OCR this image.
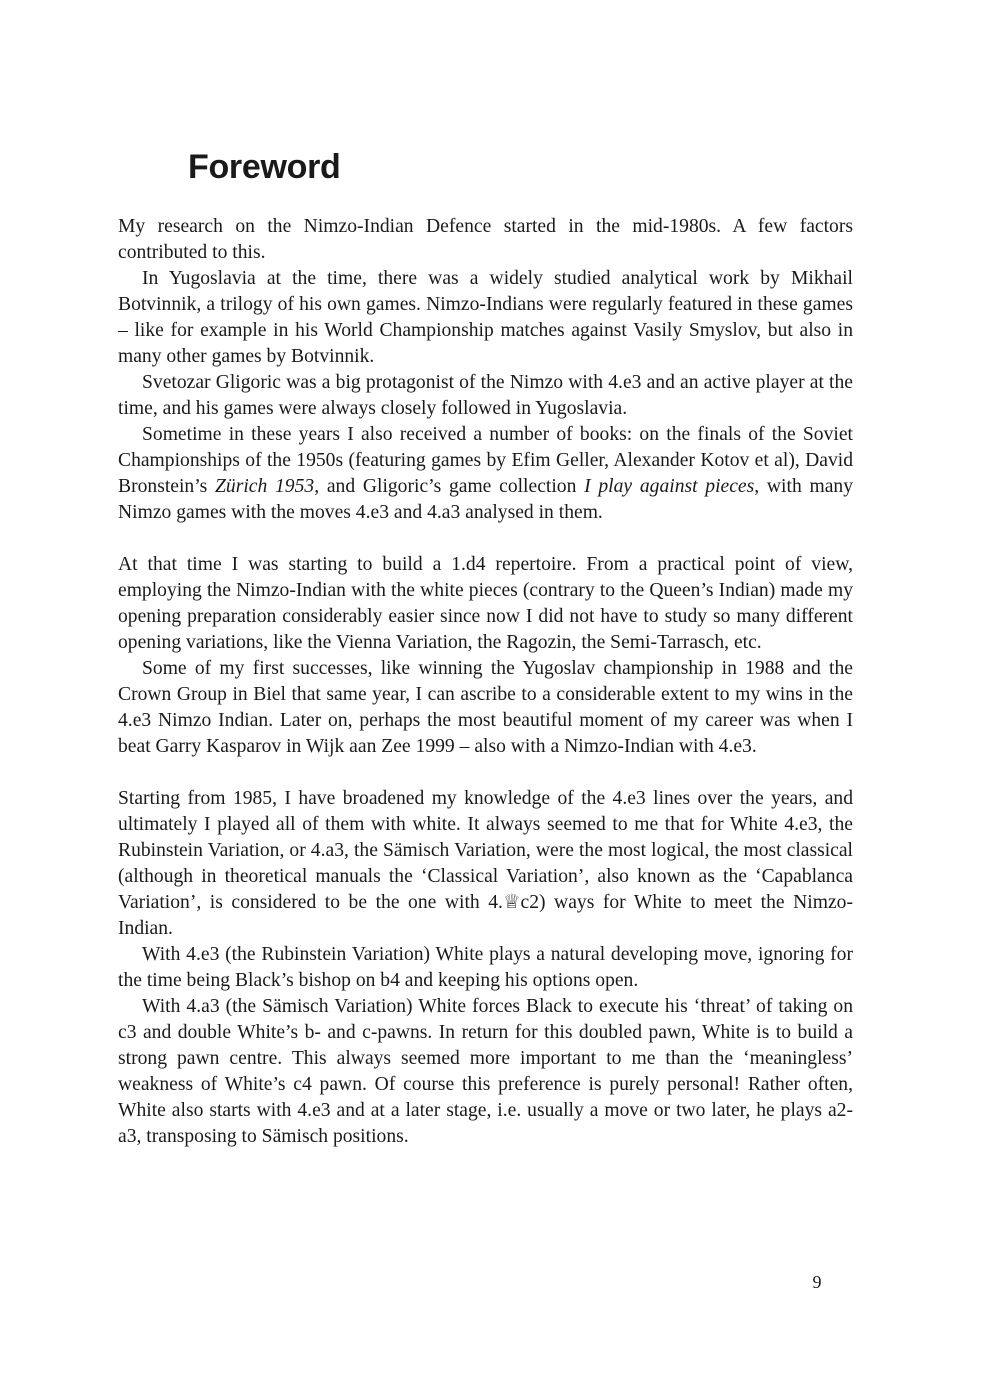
Foreword

My research on the Nimzo-Indian Defence started in the mid-1980s. A few factors contributed to this.

In Yugoslavia at the time, there was a widely studied analytical work by Mikhail Botvinnik, a trilogy of his own games. Nimzo-Indians were regularly featured in these games – like for example in his World Championship matches against Vasily Smyslov, but also in many other games by Botvinnik.

Svetozar Gligoric was a big protagonist of the Nimzo with 4.e3 and an active player at the time, and his games were always closely followed in Yugoslavia.

Sometime in these years I also received a number of books: on the finals of the Soviet Championships of the 1950s (featuring games by Efim Geller, Alexander Kotov et al), David Bronstein’s Zürich 1953, and Gligoric’s game collection I play against pieces, with many Nimzo games with the moves 4.e3 and 4.a3 analysed in them.

At that time I was starting to build a 1.d4 repertoire. From a practical point of view, employing the Nimzo-Indian with the white pieces (contrary to the Queen’s Indian) made my opening preparation considerably easier since now I did not have to study so many different opening variations, like the Vienna Variation, the Ragozin, the Semi-Tarrasch, etc.

Some of my first successes, like winning the Yugoslav championship in 1988 and the Crown Group in Biel that same year, I can ascribe to a considerable extent to my wins in the 4.e3 Nimzo Indian. Later on, perhaps the most beautiful moment of my career was when I beat Garry Kasparov in Wijk aan Zee 1999 – also with a Nimzo-Indian with 4.e3.

Starting from 1985, I have broadened my knowledge of the 4.e3 lines over the years, and ultimately I played all of them with white. It always seemed to me that for White 4.e3, the Rubinstein Variation, or 4.a3, the Sämisch Variation, were the most logical, the most classical (although in theoretical manuals the ‘Classical Variation’, also known as the ‘Capablanca Variation’, is considered to be the one with 4.♕c2) ways for White to meet the Nimzo-Indian.

With 4.e3 (the Rubinstein Variation) White plays a natural developing move, ignoring for the time being Black’s bishop on b4 and keeping his options open.

With 4.a3 (the Sämisch Variation) White forces Black to execute his ‘threat’ of taking on c3 and double White’s b- and c-pawns. In return for this doubled pawn, White is to build a strong pawn centre. This always seemed more important to me than the ‘meaningless’ weakness of White’s c4 pawn. Of course this preference is purely personal! Rather often, White also starts with 4.e3 and at a later stage, i.e. usually a move or two later, he plays a2-a3, transposing to Sämisch positions.

9
